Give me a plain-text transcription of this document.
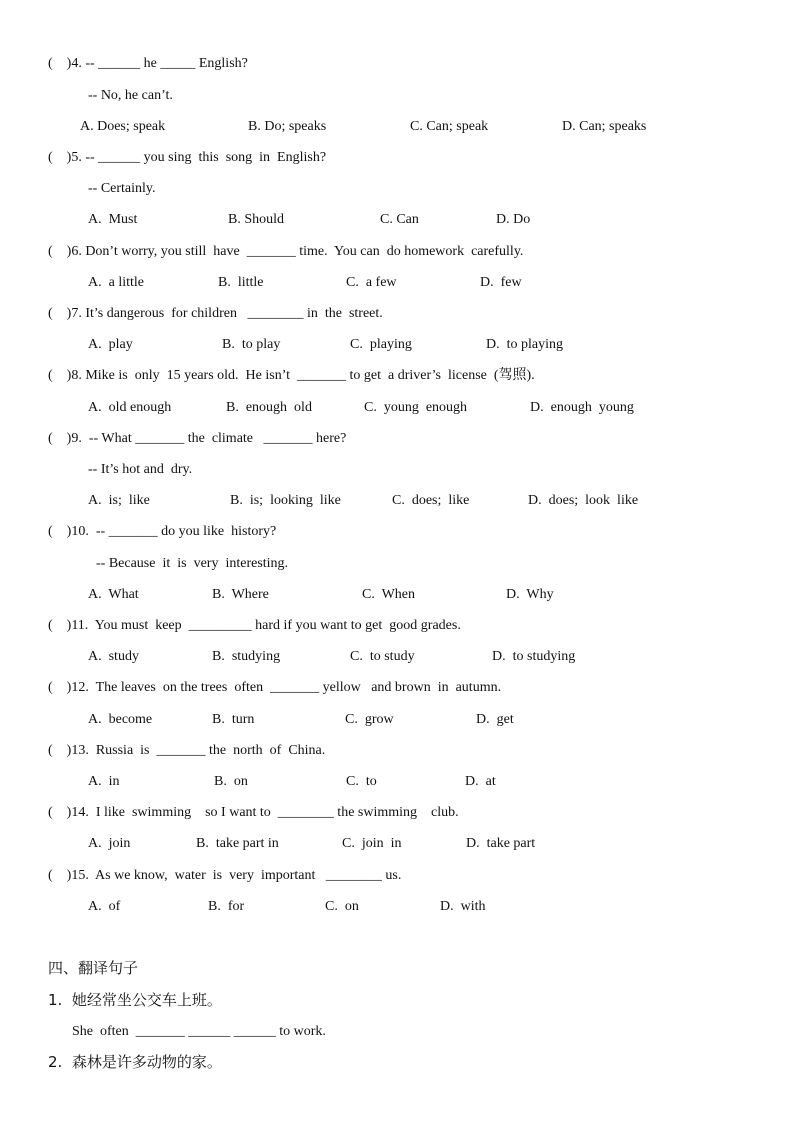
(    )4. -- ______ he _____ English?
-- No, he can’t.
A. Does; speak	B. Do; speaks	C. Can; speak	D. Can; speaks
(    )5. -- ______ you sing  this  song  in  English?
-- Certainly.
A.  Must	B. Should	C. Can	D. Do
(    )6. Don’t worry, you still  have  _______ time.  You can  do homework  carefully.
A.  a little	B.  little	C.  a few	D.  few
(    )7. It’s dangerous  for children   ________ in  the  street.
A.  play	B.  to play	C.  playing	D.  to playing
(    )8. Mike is  only  15 years old.  He isn’t  _______ to get  a driver’s  license  (驾照).
A.  old enough	B.  enough  old	C.  young  enough	D.  enough  young
(    )9.  -- What _______ the  climate   _______ here?
-- It’s hot and  dry.
A.  is;  like	B.  is;  looking  like	C.  does;  like	D.  does;  look  like
(    )10.  -- _______ do you like  history?
-- Because  it  is  very  interesting.
A.  What	B.  Where	C.  When	D.  Why
(    )11.  You must  keep  _________ hard if you want to get  good grades.
A.  study	B.  studying	C.  to study	D.  to studying
(    )12.  The leaves  on the trees  often  _______ yellow   and brown  in  autumn.
A.  become	B.  turn	C.  grow	D.  get
(    )13.  Russia  is  _______ the  north  of  China.
A.  in	B.  on	C.  to	D.  at
(    )14.  I like  swimming    so I want to  ________ the swimming    club.
A.  join	B.  take part in	C.  join  in	D.  take part
(    )15.  As we know,  water  is  very  important   ________ us.
A.  of	B.  for	C.  on	D.  with
四、翻译句子
1.  她经常坐公交车上班。
She  often  _______ ______ ______ to work.
2.  森林是许多动物的家。
